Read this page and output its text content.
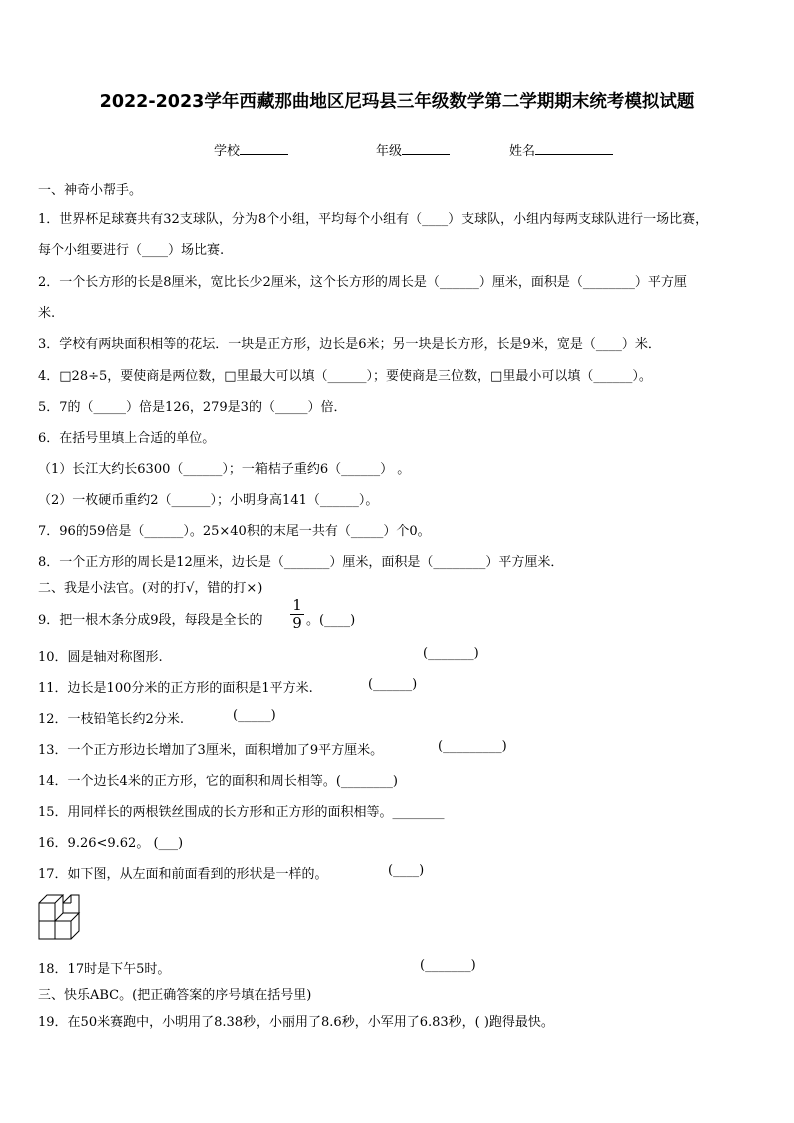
2022-2023学年西藏那曲地区尼玛县三年级数学第二学期期末统考模拟试题
学校	年级	姓名
一、神奇小帮手。
1．世界杯足球赛共有32支球队，分为8个小组，平均每个小组有（____）支球队，小组内每两支球队进行一场比赛，
每个小组要进行（____）场比赛.
2．一个长方形的长是8厘米，宽比长少2厘米，这个长方形的周长是（______）厘米，面积是（________）平方厘
米.
3．学校有两块面积相等的花坛．一块是正方形，边长是6米；另一块是长方形，长是9米，宽是（____）米．
4．□28÷5，要使商是两位数，□里最大可以填（______）；要使商是三位数，□里最小可以填（______）。
5．7的（_____）倍是126，279是3的（_____）倍．
6．在括号里填上合适的单位。
（1）长江大约长6300（______）；一箱桔子重约6（______） 。
（2）一枚硬币重约2（______）；小明身高141（______）。
7．96的59倍是（______）。25×40积的末尾一共有（_____）个0。
8．一个正方形的周长是12厘米，边长是（_______）厘米，面积是（________）平方厘米．
二、我是小法官。(对的打√，错的打×)
9．把一根木条分成9段，每段是全长的
1
9 。(____)
10．圆是轴对称图形.	(_______)
11．边长是100分米的正方形的面积是1平方米.	(______)
12．一枝铅笔长约2分米.	(_____)
13．一个正方形边长增加了3厘米，面积增加了9平方厘米。	(_________)
14．一个边长4米的正方形，它的面积和周长相等。(________)
15．用同样长的两根铁丝围成的长方形和正方形的面积相等。________
16．9.26<9.62。 (___)
17．如下图，从左面和前面看到的形状是一样的。	(____)
18．17时是下午5时。	(_______)
三、快乐ABC。(把正确答案的序号填在括号里)
19．在50米赛跑中，小明用了8.38秒，小丽用了8.6秒，小军用了6.83秒，( )跑得最快。
